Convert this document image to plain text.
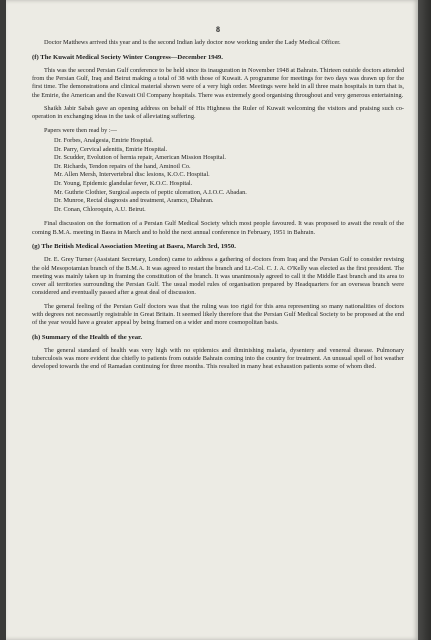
8

Doctor Matthews arrived this year and is the second Indian lady doctor now working under the Lady Medical Officer.

(f) The Kuwait Medical Society Winter Congress—December 1949.

This was the second Persian Gulf conference to be held since its inauguration in November 1948 at Bahrain. Thirteen outside doctors attended from the Persian Gulf, Iraq and Beirut making a total of 38 with those of Kuwait. A programme for meetings for two days was drawn up for the first time. The demonstrations and clinical material shown were of a very high order. Meetings were held in all three main hospitals in turn that is, the Emirie, the American and the Kuwait Oil Company hospitals. There was extremely good organising throughout and very generous entertaining.

Shaikh Jabir Sabah gave an opening address on behalf of His Highness the Ruler of Kuwait welcoming the visitors and praising such co-operation in exchanging ideas in the task of alleviating suffering.

Papers were then read by :—
Dr. Forbes, Analgesia, Emirie Hospital.
Dr. Parry, Cervical adenitis, Emirie Hospital.
Dr. Scudder, Evolution of hernia repair, American Mission Hospital.
Dr. Richards, Tendon repairs of the hand, Aminoil Co.
Mr. Allen Mersh, Intervertebral disc lesions, K.O.C. Hospital.
Dr. Young, Epidemic glandular fever, K.O.C. Hospital.
Mr. Guthrie Clothier, Surgical aspects of peptic ulceration, A.I.O.C. Abadan.
Dr. Munroe, Rectal diagnosis and treatment, Aramco, Dhahran.
Dr. Conan, Chloroquin, A.U. Beirut.

Final discussion on the formation of a Persian Gulf Medical Society which most people favoured. It was proposed to await the result of the coming B.M.A. meeting in Basra in March and to hold the next annual conference in February, 1951 in Bahrain.

(g) The British Medical Association Meeting at Basra, March 3rd, 1950.

Dr. E. Grey Turner (Assistant Secretary, London) came to address a gathering of doctors from Iraq and the Persian Gulf to consider revising the old Mesopotamian branch of the B.M.A. It was agreed to restart the branch and Lt.-Col. C. J. A. O'Kelly was elected as the first president. The meeting was mainly taken up in framing the constitution of the branch. It was unanimously agreed to call it the Middle East branch and its area to cover all territories surrounding the Persian Gulf. The usual model rules of organisation prepared by Headquarters for an overseas branch were considered and eventually passed after a great deal of discussion.

The general feeling of the Persian Gulf doctors was that the ruling was too rigid for this area representing so many nationalities of doctors with degrees not necessarily registrable in Great Britain. It seemed likely therefore that the Persian Gulf Medical Society to be proposed at the end of the year would have a greater appeal by being framed on a wider and more cosmopolitan basis.

(h) Summary of the Health of the year.

The general standard of health was very high with no epidemics and diminishing malaria, dysentery and venereal disease. Pulmonary tuberculosis was more evident due chiefly to patients from outside Bahrain coming into the country for treatment. An unusual spell of hot weather developed towards the end of Ramadan continuing for three months. This resulted in many heat exhaustion patients some of whom died.
